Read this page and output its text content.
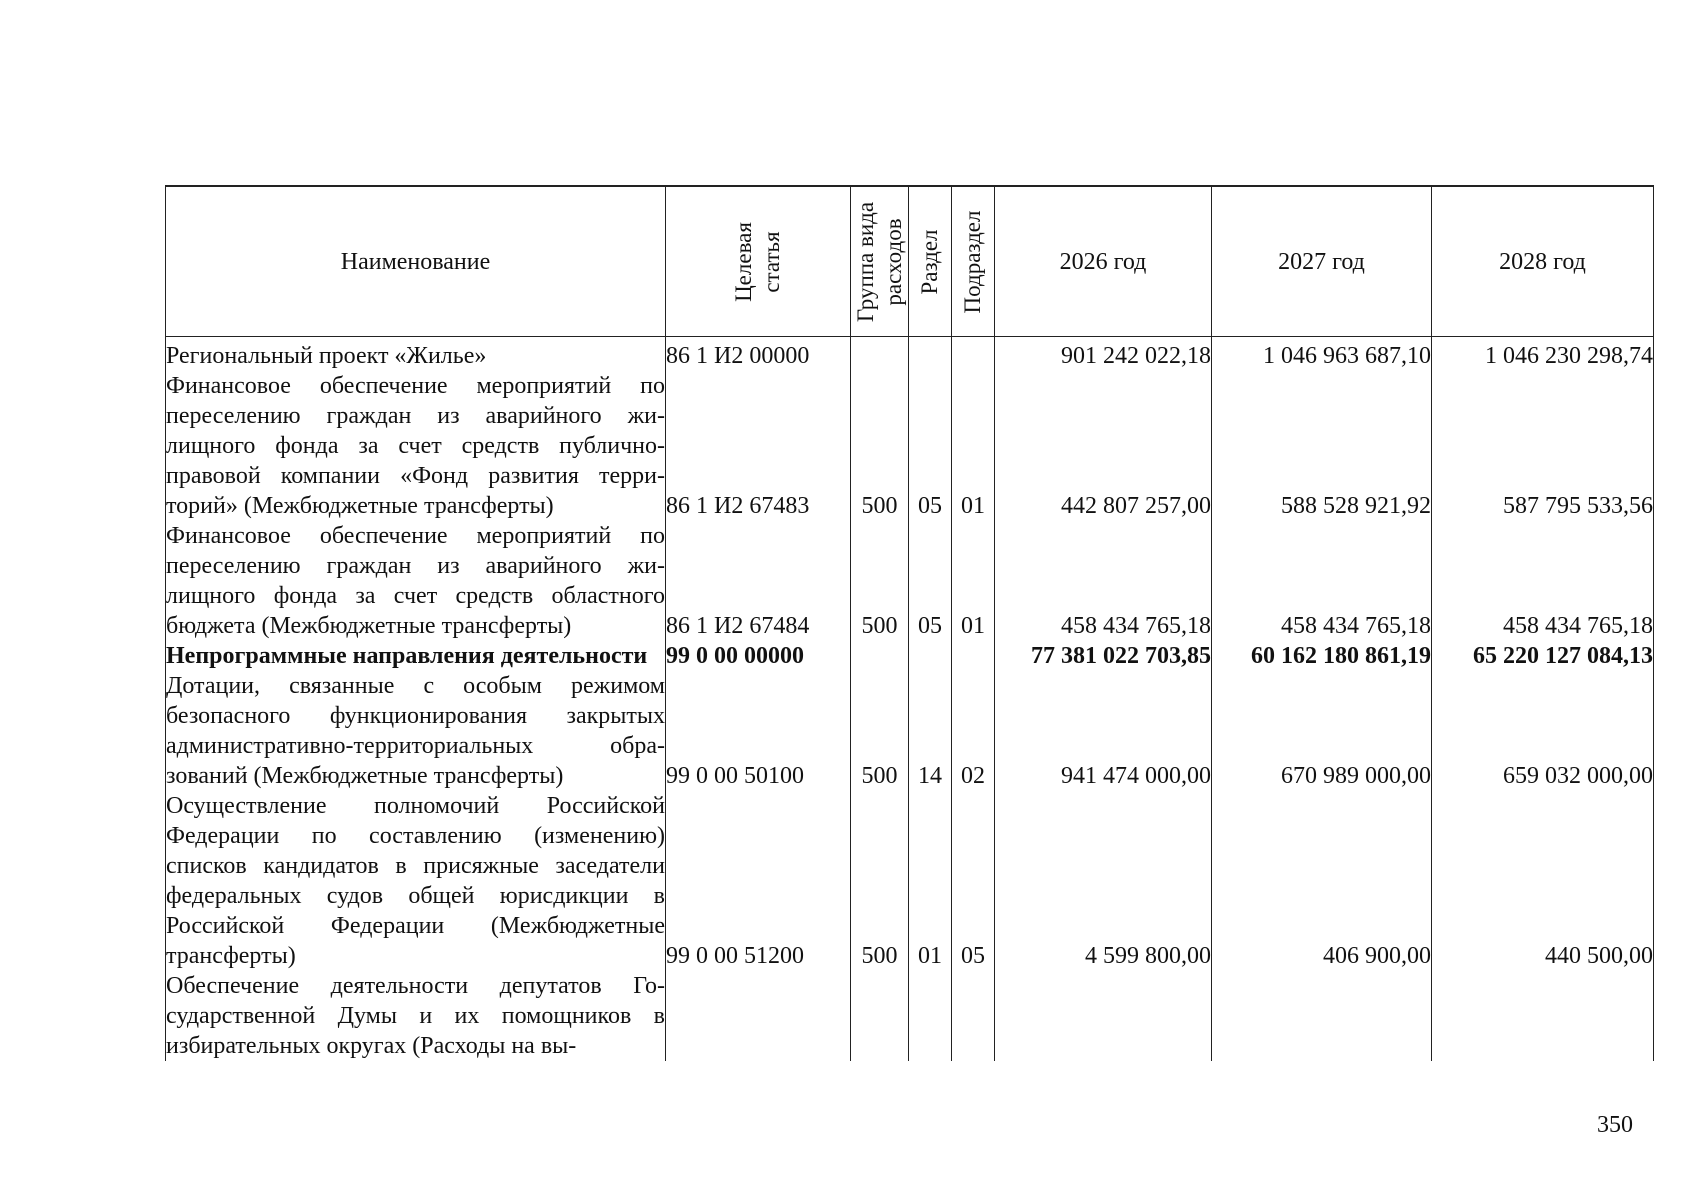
Наименование	Целевая статья	Группа вида расходов	Раздел	Подраздел	2026 год	2027 год	2028 год
Региональный проект «Жилье»	86 1 И2 00000				901 242 022,18	1 046 963 687,10	1 046 230 298,74
Финансовое обеспечение мероприятий по переселению граждан из аварийного жилищного фонда за счет средств публично-правовой компании «Фонд развития территорий» (Межбюджетные трансферты)	86 1 И2 67483	500	05	01	442 807 257,00	588 528 921,92	587 795 533,56
Финансовое обеспечение мероприятий по переселению граждан из аварийного жилищного фонда за счет средств областного бюджета (Межбюджетные трансферты)	86 1 И2 67484	500	05	01	458 434 765,18	458 434 765,18	458 434 765,18
Непрограммные направления деятельности	99 0 00 00000				77 381 022 703,85	60 162 180 861,19	65 220 127 084,13
Дотации, связанные с особым режимом безопасного функционирования закрытых административно-территориальных образований (Межбюджетные трансферты)	99 0 00 50100	500	14	02	941 474 000,00	670 989 000,00	659 032 000,00
Осуществление полномочий Российской Федерации по составлению (изменению) списков кандидатов в присяжные заседатели федеральных судов общей юрисдикции в Российской Федерации (Межбюджетные трансферты)	99 0 00 51200	500	01	05	4 599 800,00	406 900,00	440 500,00
Обеспечение деятельности депутатов Государственной Думы и их помощников в избирательных округах (Расходы на вы-							
350
